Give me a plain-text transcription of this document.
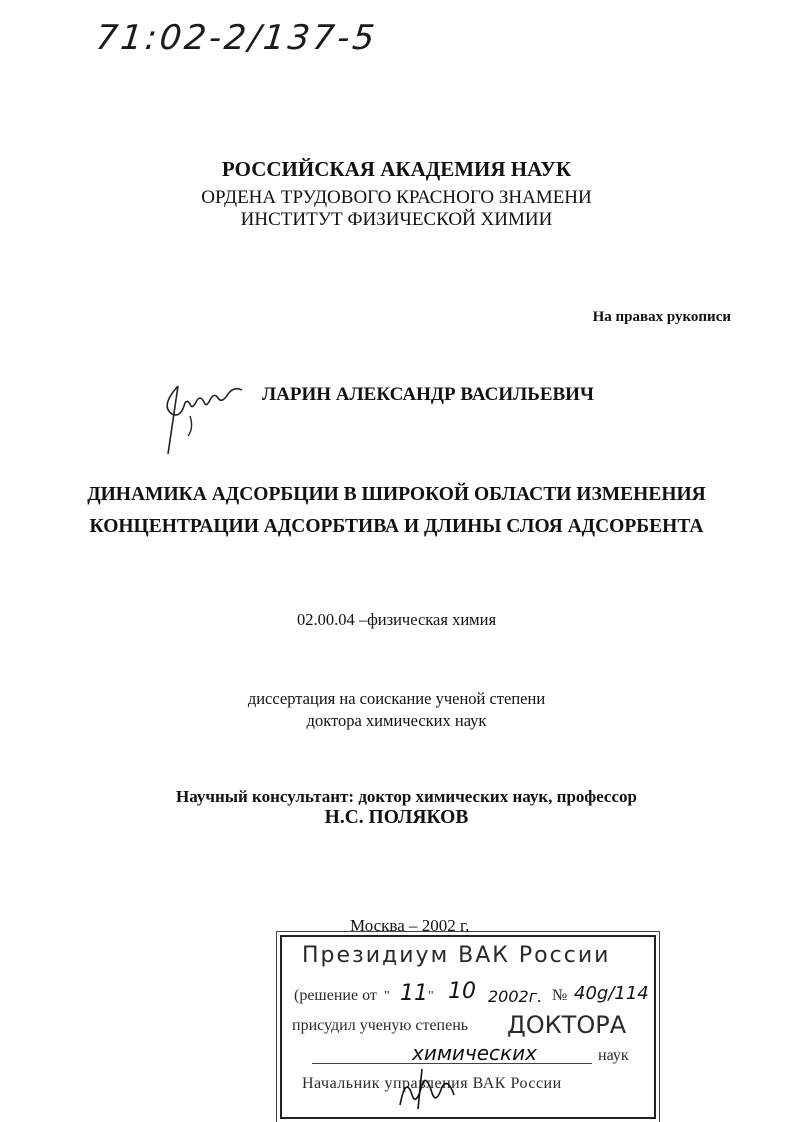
71:02-2/137-5
РОССИЙСКАЯ АКАДЕМИЯ НАУК
ОРДЕНА ТРУДОВОГО КРАСНОГО ЗНАМЕНИ
ИНСТИТУТ ФИЗИЧЕСКОЙ ХИМИИ
На правах рукописи
ЛАРИН АЛЕКСАНДР ВАСИЛЬЕВИЧ
ДИНАМИКА АДСОРБЦИИ В ШИРОКОЙ ОБЛАСТИ ИЗМЕНЕНИЯ
КОНЦЕНТРАЦИИ АДСОРБТИВА И ДЛИНЫ СЛОЯ АДСОРБЕНТА
02.00.04 –физическая химия
диссертация на соискание ученой степени
доктора химических наук
Научный консультант: доктор химических наук, профессор
Н.С. ПОЛЯКОВ
Москва – 2002 г.
Президиум ВАК России
(решение от " 11 " 10 2002г. № 40g/114
присудил ученую степень ДОКТОРА
химических	наук
Начальник управления ВАК России
